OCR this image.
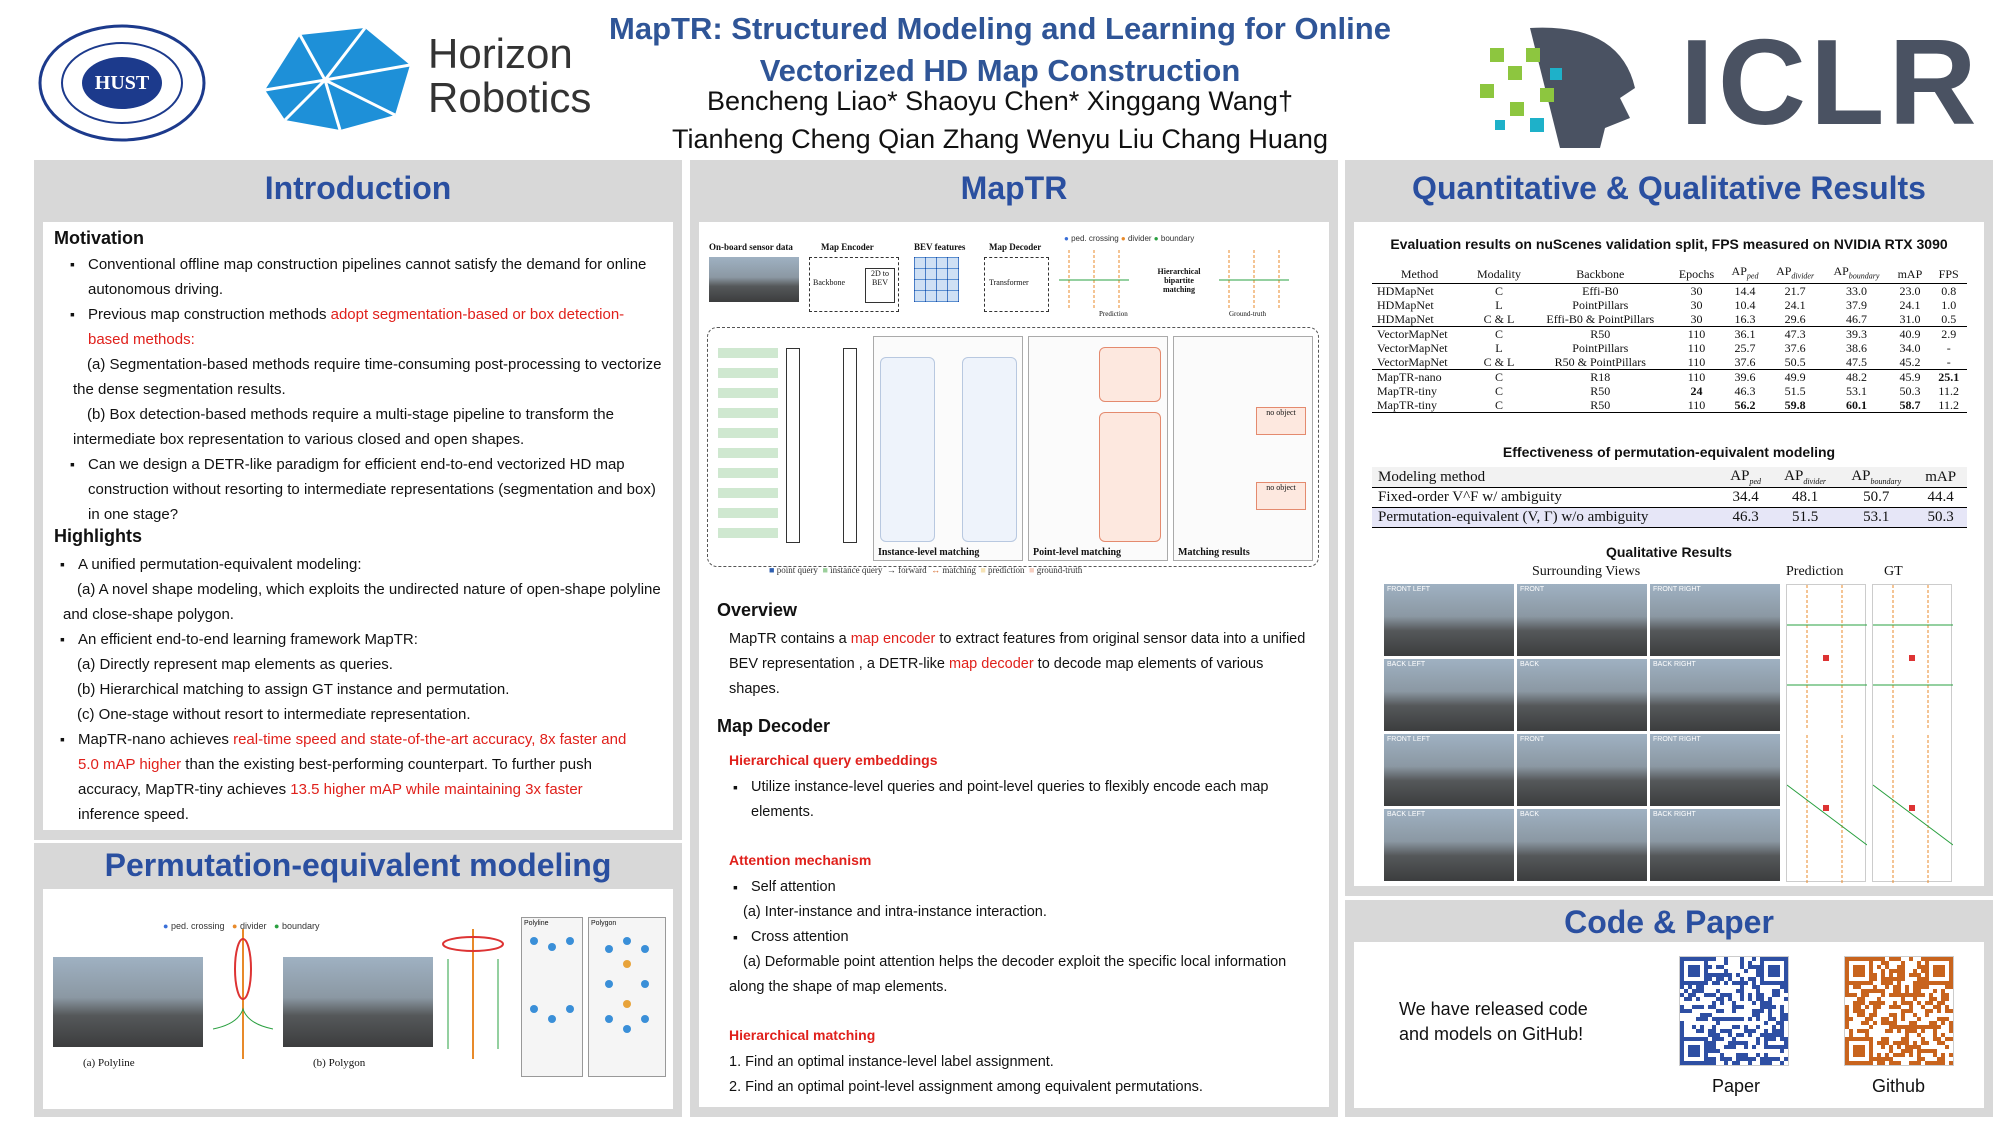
HUST
Horizon
Robotics
MapTR: Structured Modeling and Learning for Online Vectorized HD Map Construction
Bencheng Liao* Shaoyu Chen* Xinggang Wang†
Tianheng Cheng Qian Zhang Wenyu Liu Chang Huang	ICLR
Introduction
Motivation
▪ Conventional offline map construction pipelines cannot satisfy the demand for online autonomous driving.
▪ Previous map construction methods adopt segmentation-based or box detection-based methods:
(a) Segmentation-based methods require time-consuming post-processing to vectorize the dense segmentation results.
(b) Box detection-based methods require a multi-stage pipeline to transform the intermediate box representation to various closed and open shapes.
▪ Can we design a DETR-like paradigm for efficient end-to-end vectorized HD map construction without resorting to intermediate representations (segmentation and box) in one stage?
Highlights
▪ A unified permutation-equivalent modeling:
(a) A novel shape modeling, which exploits the undirected nature of open-shape polyline and close-shape polygon.
▪ An efficient end-to-end learning framework MapTR:
(a) Directly represent map elements as queries.
(b) Hierarchical matching to assign GT instance and permutation.
(c) One-stage without resort to intermediate representation.
▪ MapTR-nano achieves real-time speed and state-of-the-art accuracy, 8x faster and 5.0 mAP higher than the existing best-performing counterpart. To further push accuracy, MapTR-tiny achieves 13.5 higher mAP while maintaining 3x faster inference speed.
Permutation-equivalent modeling
● ped. crossing ● divider ● boundary
(a) Polyline	(b) Polygon
Polyline	Polygon
MapTR
On-board sensor data	Map Encoder
Backbone
2D to BEV
BEV features	Map Decoder
Transformer
● ped. crossing ● divider ● boundary
Hierarchical bipartite matching
Prediction	Ground-truth
Instance-level matching	Point-level matching	Matching results
no object
no object
■ point query ■ instance query  → forward ↔ matching ■ prediction ■ ground-truth
Overview
MapTR contains a map encoder to extract features from original sensor data into a unified BEV representation , a DETR-like map decoder to decode map elements of various shapes.
Map Decoder
Hierarchical query embeddings
▪ Utilize instance-level queries and point-level queries to flexibly encode each map elements.
Attention mechanism
▪ Self attention
(a) Inter-instance and intra-instance interaction.
▪ Cross attention
(a) Deformable point attention helps the decoder exploit the specific local information along the shape of map elements.
Hierarchical matching
1. Find an optimal instance-level label assignment.
2. Find an optimal point-level assignment among equivalent permutations.
Quantitative & Qualitative Results
Evaluation results on nuScenes validation split, FPS measured on NVIDIA RTX 3090
Method	Modality	Backbone	Epochs	$AP_{ped}$	$AP_{divider}$	$AP_{boundary}$	mAP	FPS
HDMapNet	C	Effi-B0	30	14.4	21.7	33.0	23.0	0.8
HDMapNet	L	PointPillars	30	10.4	24.1	37.9	24.1	1.0
HDMapNet	C & L	Effi-B0 & PointPillars	30	16.3	29.6	46.7	31.0	0.5
VectorMapNet	C	R50	110	36.1	47.3	39.3	40.9	2.9
VectorMapNet	L	PointPillars	110	25.7	37.6	38.6	34.0	-
VectorMapNet	C & L	R50 & PointPillars	110	37.6	50.5	47.5	45.2	-
MapTR-nano	C	R18	110	39.6	49.9	48.2	45.9	25.1
MapTR-tiny	C	R50	24	46.3	51.5	53.1	50.3	11.2
MapTR-tiny	C	R50	110	56.2	59.8	60.1	58.7	11.2
Effectiveness of permutation-equivalent modeling
Modeling method	$AP_{ped}$	$AP_{divider}$	$AP_{boundary}$	mAP
Fixed-order V^F w/ ambiguity	34.4	48.1	50.7	44.4
Permutation-equivalent (V, Γ) w/o ambiguity	46.3	51.5	53.1	50.3
Qualitative Results
Surrounding Views	Prediction	GT
FRONT LEFT	FRONT	FRONT RIGHT
BACK LEFT	BACK	BACK RIGHT
FRONT LEFT	FRONT	FRONT RIGHT
BACK LEFT	BACK	BACK RIGHT
Code & Paper
We have released code
and models on GitHub!
Paper	Github
